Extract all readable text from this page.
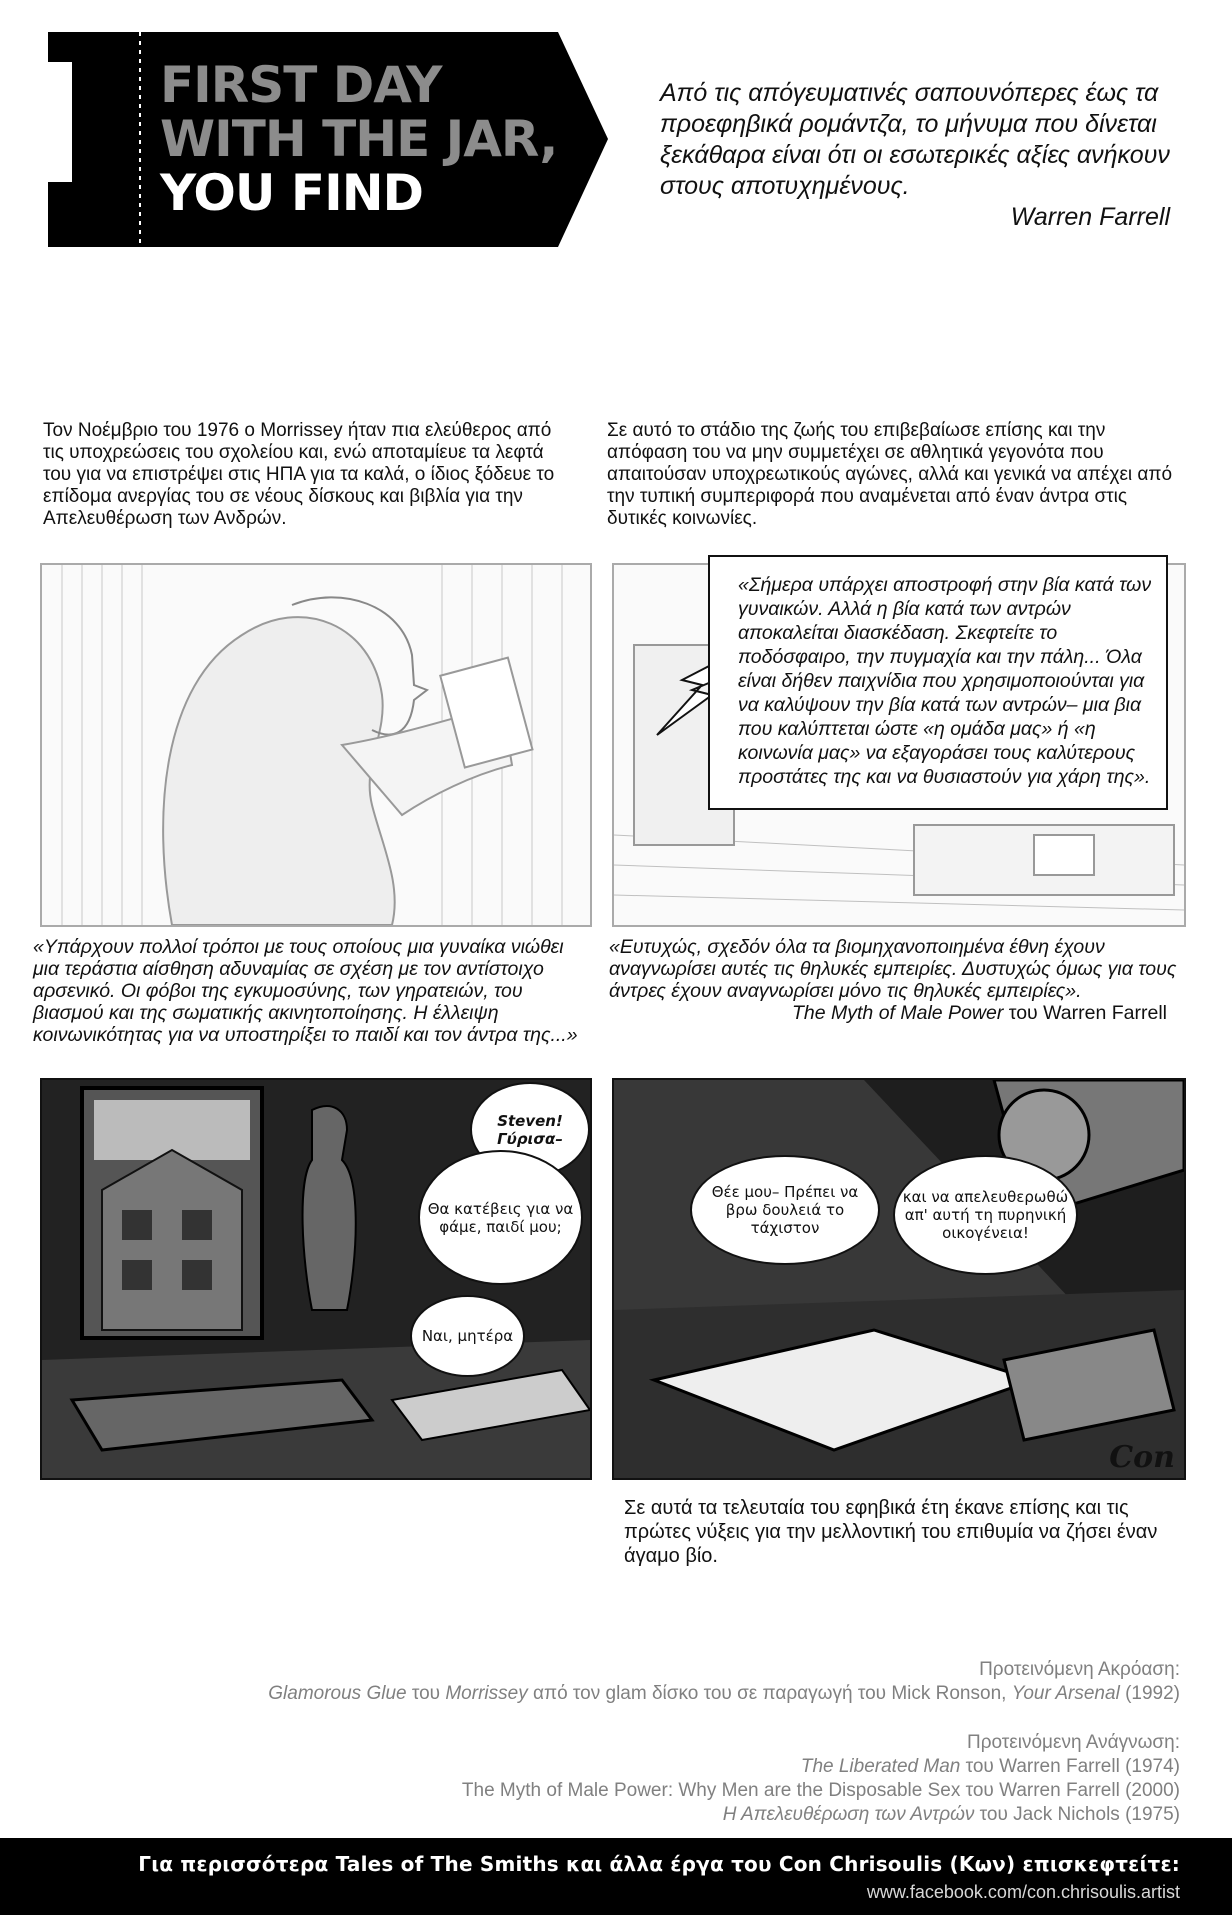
FIRST DAY
WITH THE JAR,
YOU FIND
Από τις απόγευματινές σαπουνόπερες έως τα προεφηβικά ρομάντζα, το μήνυμα που δίνεται ξεκάθαρα είναι ότι οι εσωτερικές αξίες ανήκουν στους αποτυχημένους.
Warren Farrell
Τον Νοέμβριο του 1976 ο Morrissey ήταν πια ελεύθερος από τις υποχρεώσεις του σχολείου και, ενώ αποταμίευε τα λεφτά του για να επιστρέψει στις ΗΠΑ για τα καλά, ο ίδιος ξόδευε το επίδομα ανεργίας του σε νέους δίσκους και βιβλία για την Απελευθέρωση των Ανδρών.
Σε αυτό το στάδιο της ζωής του επιβεβαίωσε επίσης και την απόφαση του να μην συμμετέχει σε αθλητικά γεγονότα που απαιτούσαν υποχρεωτικούς αγώνες, αλλά και γενικά να απέχει από την τυπική συμπεριφορά που αναμένεται από έναν άντρα στις δυτικές κοινωνίες.
«Σήμερα υπάρχει αποστροφή στην βία κατά των γυναικών. Αλλά η βία κατά των αντρών αποκαλείται διασκέδαση. Σκεφτείτε το ποδόσφαιρο, την πυγμαχία και την πάλη... Όλα είναι δήθεν παιχνίδια που χρησιμοποιούνται για να καλύψουν την βία κατά των αντρών– μια βια που καλύπτεται ώστε «η ομάδα μας» ή «η κοινωνία μας» να εξαγοράσει τους καλύτερους προστάτες της και να θυσιαστούν για χάρη της».
«Υπάρχουν πολλοί τρόποι με τους οποίους μια γυναίκα νιώθει μια τεράστια αίσθηση αδυναμίας σε σχέση με τον αντίστοιχο αρσενικό. Οι φόβοι της εγκυμοσύνης, των γηρατειών, του βιασμού και της σωματικής ακινητοποίησης. Η έλλειψη κοινωνικότητας για να υποστηρίξει το παιδί και τον άντρα της...»
«Ευτυχώς, σχεδόν όλα τα βιομηχανοποιημένα έθνη έχουν αναγνωρίσει αυτές τις θηλυκές εμπειρίες. Δυστυχώς όμως για τους άντρες έχουν αναγνωρίσει μόνο τις θηλυκές εμπειρίες».
The Myth of Male Power του Warren Farrell
Steven! Γύρισα–
Θα κατέβεις για να φάμε, παιδί μου;
Ναι, μητέρα
Θέε μου– Πρέπει να βρω δουλειά το τάχιστον
και να απελευθερωθώ απ' αυτή τη πυρηνική οικογένεια!
Con
Σε αυτά τα τελευταία του εφηβικά έτη έκανε επίσης και τις πρώτες νύξεις για την μελλοντική του επιθυμία να ζήσει έναν άγαμο βίο.
Προτεινόμενη Ακρόαση:
Glamorous Glue του Morrissey από τον glam δίσκο του σε παραγωγή του Mick Ronson, Your Arsenal (1992)
Προτεινόμενη Ανάγνωση:
The Liberated Man του Warren Farrell (1974)
The Myth of Male Power: Why Men are the Disposable Sex του Warren Farrell (2000)
Η Απελευθέρωση των Αντρών του Jack Nichols (1975)
Για περισσότερα Tales of The Smiths και άλλα έργα του Con Chrisoulis (Κων) επισκεφτείτε:
www.facebook.com/con.chrisoulis.artist
